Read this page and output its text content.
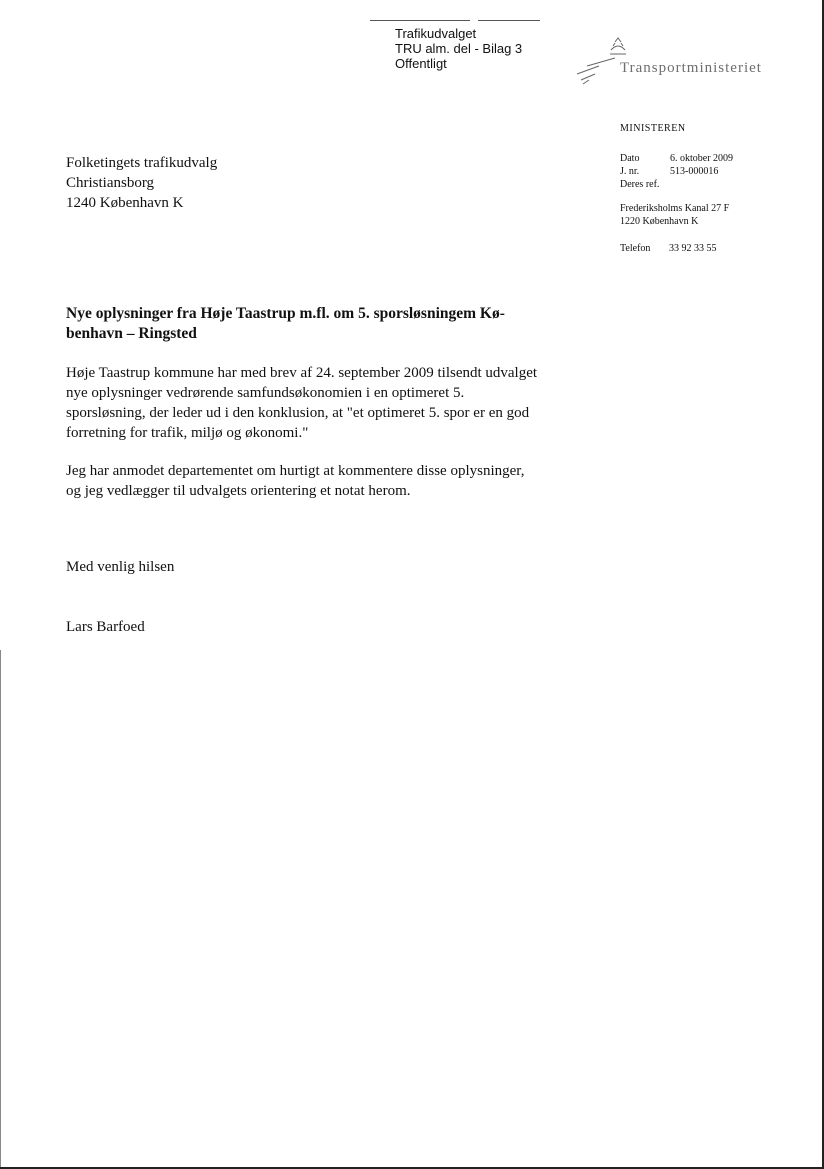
Trafikudvalget
TRU alm. del - Bilag 3
Offentligt	Transportministeriet
MINISTEREN
Dato	6. oktober 2009
J. nr.	513-000016
Deres ref.
Frederiksholms Kanal 27 F
1220 København K
Telefon 33 92 33 55
Folketingets trafikudvalg
Christiansborg
1240 København K
Nye oplysninger fra Høje Taastrup m.fl. om 5. sporsløsningem Kø-
benhavn – Ringsted
Høje Taastrup kommune har med brev af 24. september 2009 tilsendt udvalget
nye oplysninger vedrørende samfundsøkonomien i en optimeret 5.
sporsløsning, der leder ud i den konklusion, at "et optimeret 5. spor er en god
forretning for trafik, miljø og økonomi."
Jeg har anmodet departementet om hurtigt at kommentere disse oplysninger,
og jeg vedlægger til udvalgets orientering et notat herom.
Med venlig hilsen
Lars Barfoed
